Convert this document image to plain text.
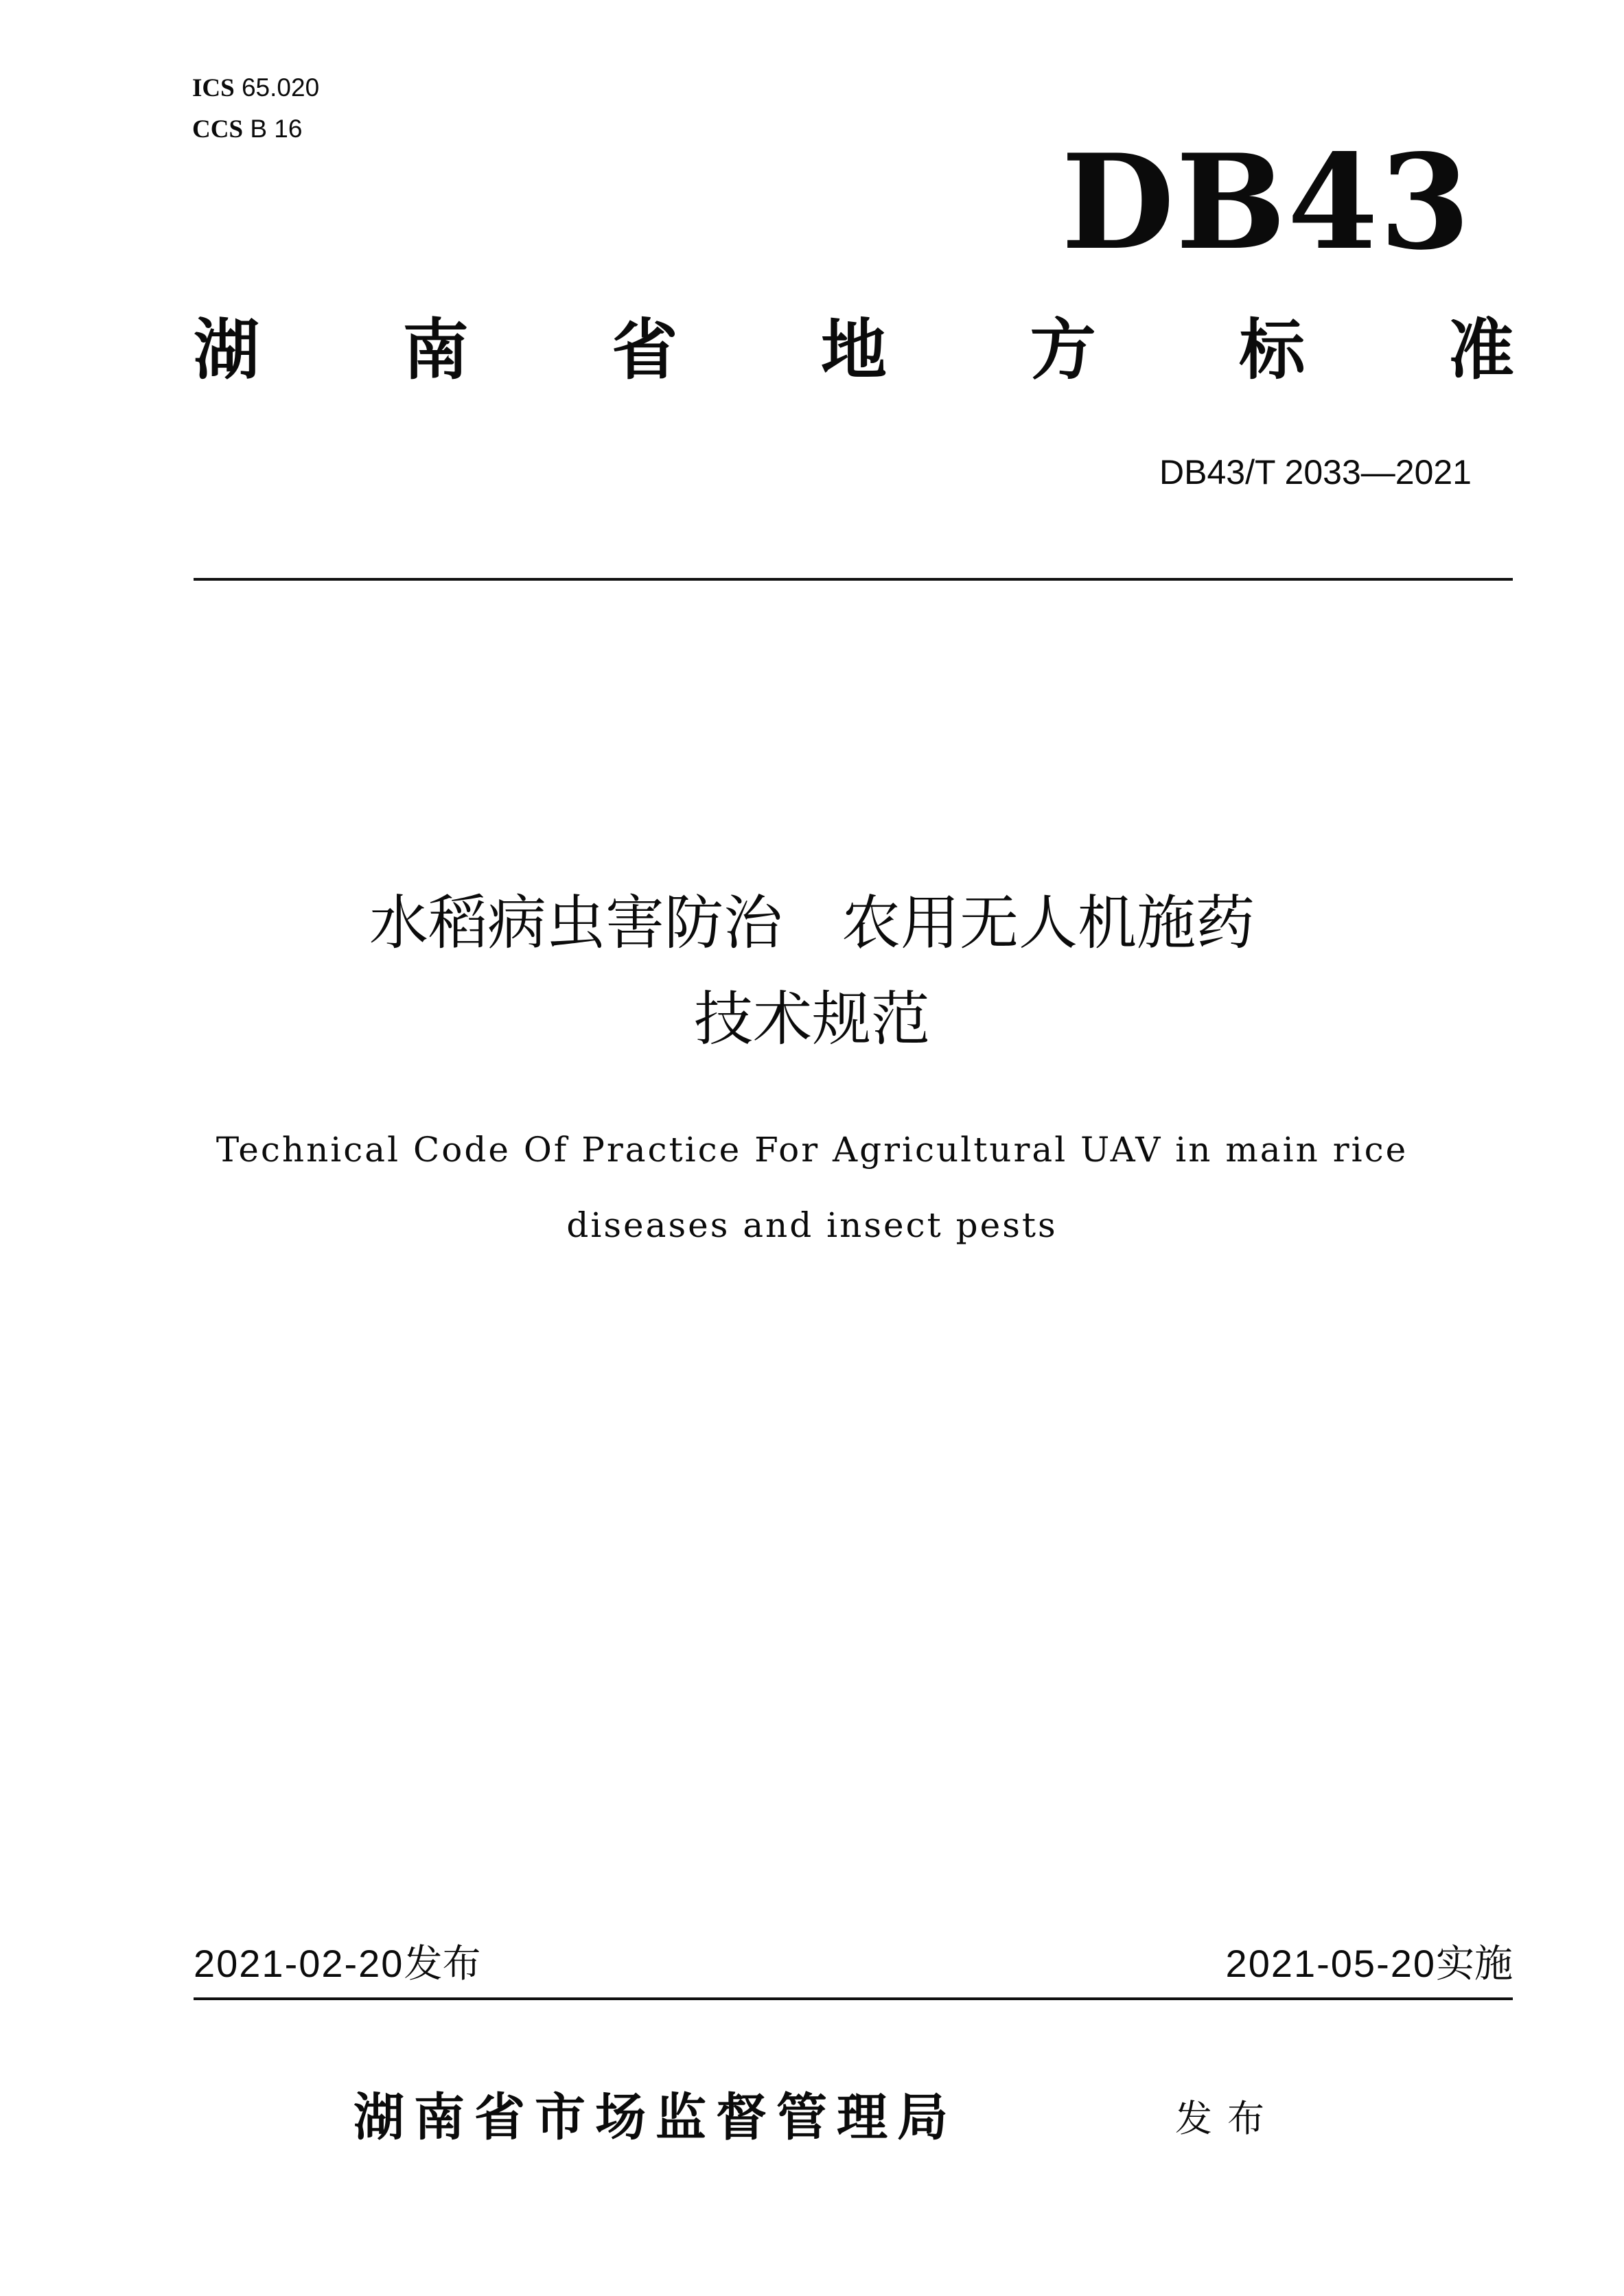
ICS 65.020
CCS B 16	DB43
湖 南 省 地 方 标 准
DB43/T 2033—2021
水稻病虫害防治　农用无人机施药
技术规范
Technical Code Of Practice For Agricultural UAV in main rice
diseases and insect pests
2021-02-20发布	2021-05-20实施
湖南省市场监督管理局	发布
